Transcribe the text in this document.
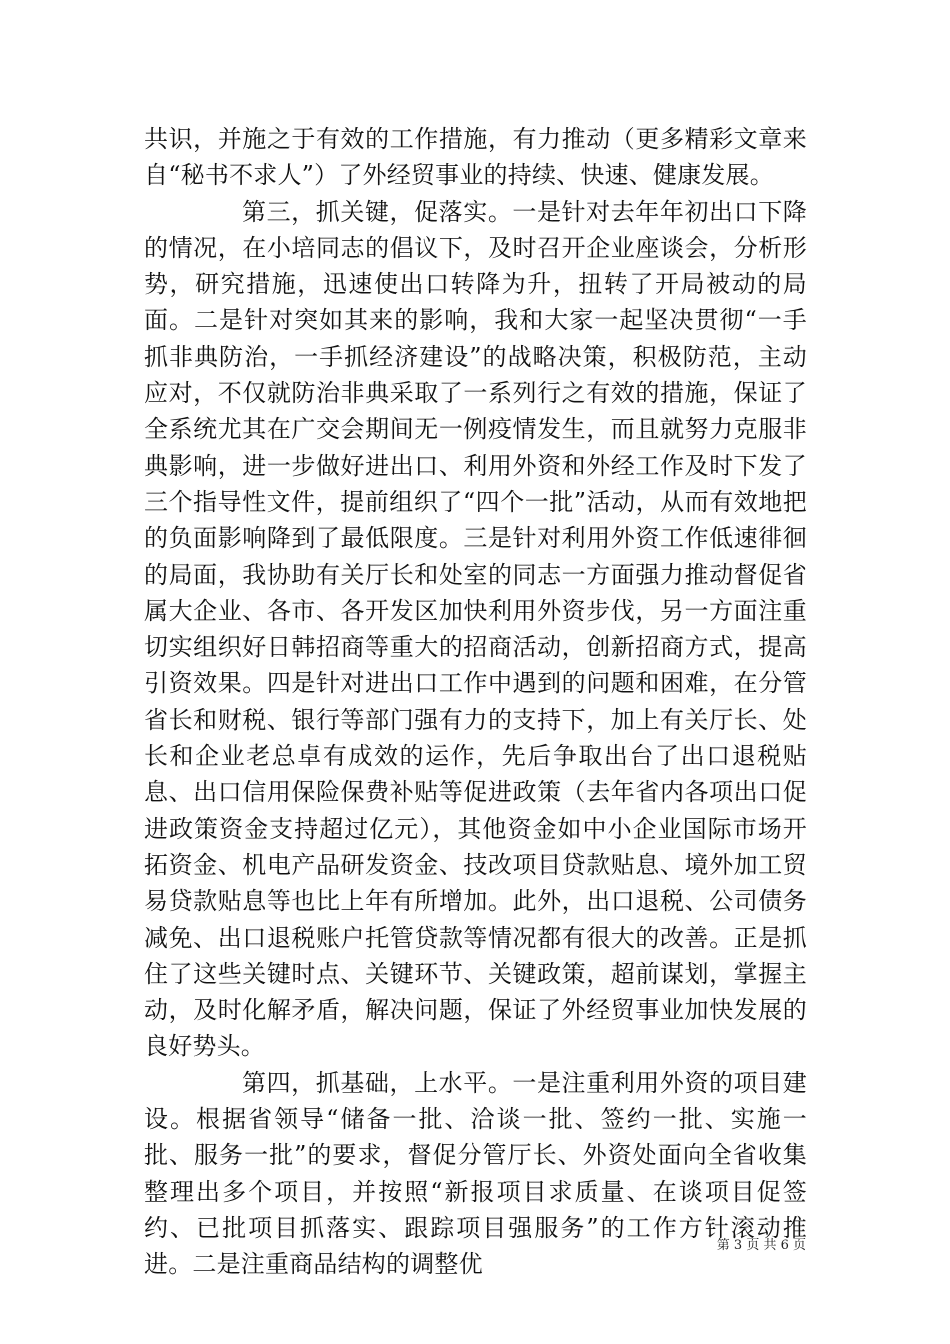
共识，并施之于有效的工作措施，有力推动（更多精彩文章来自“秘书不求人”）了外经贸事业的持续、快速、健康发展。

第三，抓关键，促落实。一是针对去年年初出口下降的情况，在小培同志的倡议下，及时召开企业座谈会，分析形势，研究措施，迅速使出口转降为升，扭转了开局被动的局面。二是针对突如其来的影响，我和大家一起坚决贯彻“一手抓非典防治，一手抓经济建设”的战略决策，积极防范，主动应对，不仅就防治非典采取了一系列行之有效的措施，保证了全系统尤其在广交会期间无一例疫情发生，而且就努力克服非典影响，进一步做好进出口、利用外资和外经工作及时下发了三个指导性文件，提前组织了“四个一批”活动，从而有效地把的负面影响降到了最低限度。三是针对利用外资工作低速徘徊的局面，我协助有关厅长和处室的同志一方面强力推动督促省属大企业、各市、各开发区加快利用外资步伐，另一方面注重切实组织好日韩招商等重大的招商活动，创新招商方式，提高引资效果。四是针对进出口工作中遇到的问题和困难，在分管省长和财税、银行等部门强有力的支持下，加上有关厅长、处长和企业老总卓有成效的运作，先后争取出台了出口退税贴息、出口信用保险保费补贴等促进政策（去年省内各项出口促进政策资金支持超过亿元），其他资金如中小企业国际市场开拓资金、机电产品研发资金、技改项目贷款贴息、境外加工贸易贷款贴息等也比上年有所增加。此外，出口退税、公司债务减免、出口退税账户托管贷款等情况都有很大的改善。正是抓住了这些关键时点、关键环节、关键政策，超前谋划，掌握主动，及时化解矛盾，解决问题，保证了外经贸事业加快发展的良好势头。

第四，抓基础，上水平。一是注重利用外资的项目建设。根据省领导“储备一批、洽谈一批、签约一批、实施一批、服务一批”的要求，督促分管厅长、外资处面向全省收集整理出多个项目，并按照“新报项目求质量、在谈项目促签约、已批项目抓落实、跟踪项目强服务”的工作方针滚动推进。二是注重商品结构的调整优

第 3 页 共 6 页
